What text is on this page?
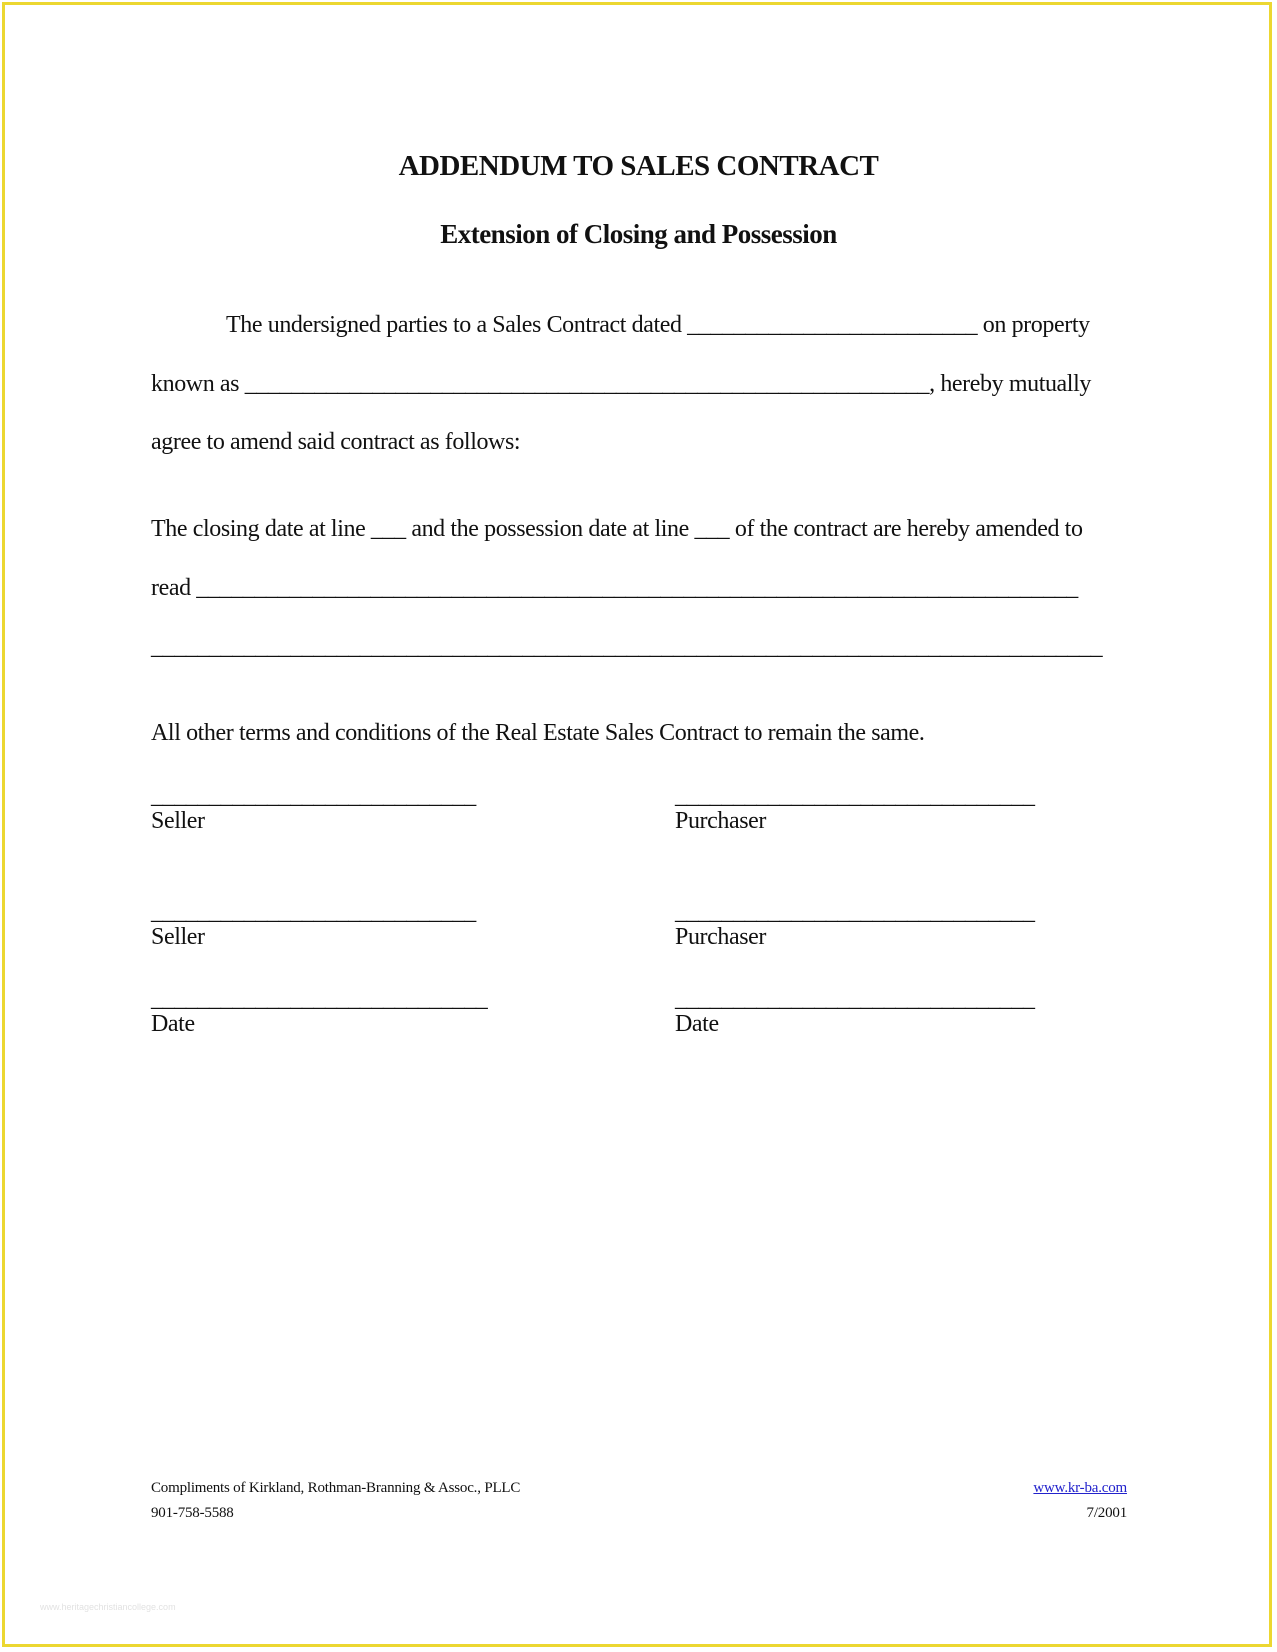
ADDENDUM TO SALES CONTRACT
Extension of Closing and Possession
The undersigned parties to a Sales Contract dated _________________________ on property
known as ___________________________________________________________, hereby mutually
agree to amend said contract as follows:
The closing date at line ___ and the possession date at line ___ of the contract are hereby amended to
read ____________________________________________________________________________
__________________________________________________________________________________
All other terms and conditions of the Real Estate Sales Contract to remain the same.
____________________________	_______________________________
Seller	Purchaser
____________________________	_______________________________
Seller	Purchaser
_____________________________	_______________________________
Date	Date
Compliments of Kirkland, Rothman-Branning & Assoc., PLLC
901-758-5588
www.kr-ba.com
7/2001
www.heritagechristiancollege.com
